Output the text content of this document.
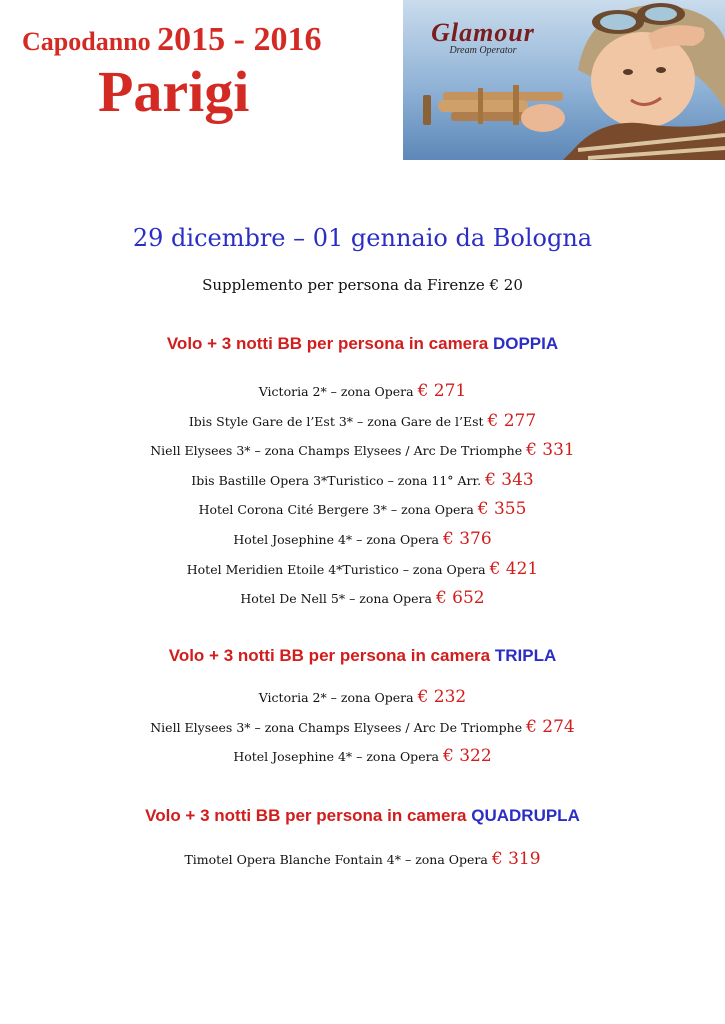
Capodanno 2015 - 2016
Parigi
Glamour
Dream Operator
29 dicembre – 01 gennaio da Bologna
Supplemento per persona da Firenze € 20
Volo + 3 notti BB per persona in camera DOPPIA
Victoria 2* – zona Opera € 271
Ibis Style Gare de l’Est 3* – zona Gare de l’Est € 277
Niell Elysees 3* – zona Champs Elysees / Arc De Triomphe € 331
Ibis Bastille Opera 3*Turistico – zona 11° Arr. € 343
Hotel Corona Cité Bergere 3* – zona Opera € 355
Hotel Josephine 4* – zona Opera € 376
Hotel Meridien Etoile 4*Turistico – zona Opera € 421
Hotel De Nell 5* – zona Opera € 652
Volo + 3 notti BB per persona in camera TRIPLA
Victoria 2* – zona Opera € 232
Niell Elysees 3* – zona Champs Elysees / Arc De Triomphe € 274
Hotel Josephine 4* – zona Opera € 322
Volo + 3 notti BB per persona in camera QUADRUPLA
Timotel Opera Blanche Fontain 4* – zona Opera € 319
